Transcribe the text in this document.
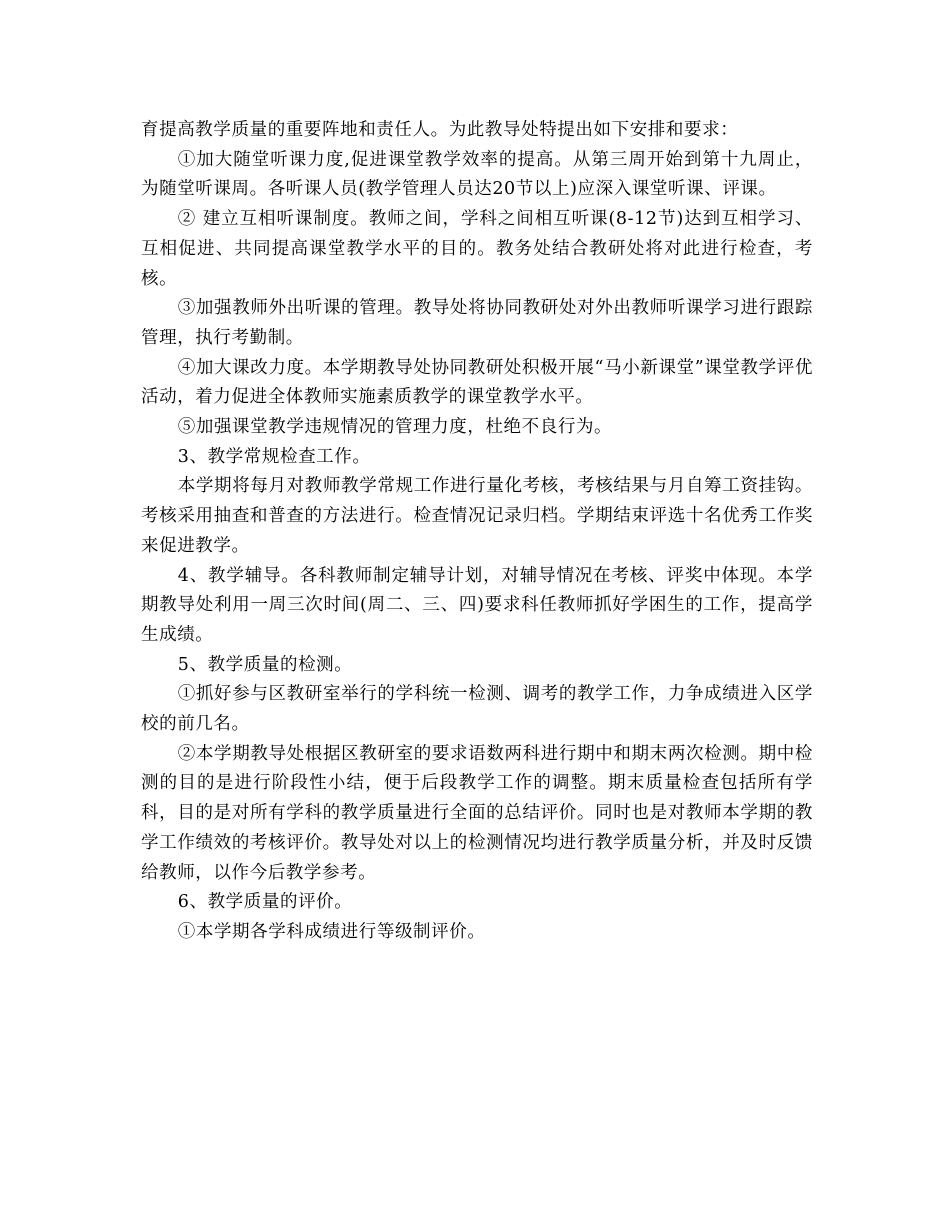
育提高教学质量的重要阵地和责任人。为此教导处特提出如下安排和要求：

①加大随堂听课力度,促进课堂教学效率的提高。从第三周开始到第十九周止，为随堂听课周。各听课人员(教学管理人员达20节以上)应深入课堂听课、评课。

② 建立互相听课制度。教师之间，学科之间相互听课(8-12节)达到互相学习、互相促进、共同提高课堂教学水平的目的。教务处结合教研处将对此进行检查，考核。

③加强教师外出听课的管理。教导处将协同教研处对外出教师听课学习进行跟踪管理，执行考勤制。

④加大课改力度。本学期教导处协同教研处积极开展“马小新课堂”课堂教学评优活动，着力促进全体教师实施素质教学的课堂教学水平。

⑤加强课堂教学违规情况的管理力度，杜绝不良行为。

3、教学常规检查工作。

本学期将每月对教师教学常规工作进行量化考核，考核结果与月自筹工资挂钩。考核采用抽查和普查的方法进行。检查情况记录归档。学期结束评选十名优秀工作奖来促进教学。

4、教学辅导。各科教师制定辅导计划，对辅导情况在考核、评奖中体现。本学期教导处利用一周三次时间(周二、三、四)要求科任教师抓好学困生的工作，提高学生成绩。

5、教学质量的检测。

①抓好参与区教研室举行的学科统一检测、调考的教学工作，力争成绩进入区学校的前几名。

②本学期教导处根据区教研室的要求语数两科进行期中和期末两次检测。期中检测的目的是进行阶段性小结，便于后段教学工作的调整。期末质量检查包括所有学科，目的是对所有学科的教学质量进行全面的总结评价。同时也是对教师本学期的教学工作绩效的考核评价。教导处对以上的检测情况均进行教学质量分析，并及时反馈给教师，以作今后教学参考。

6、教学质量的评价。

①本学期各学科成绩进行等级制评价。
